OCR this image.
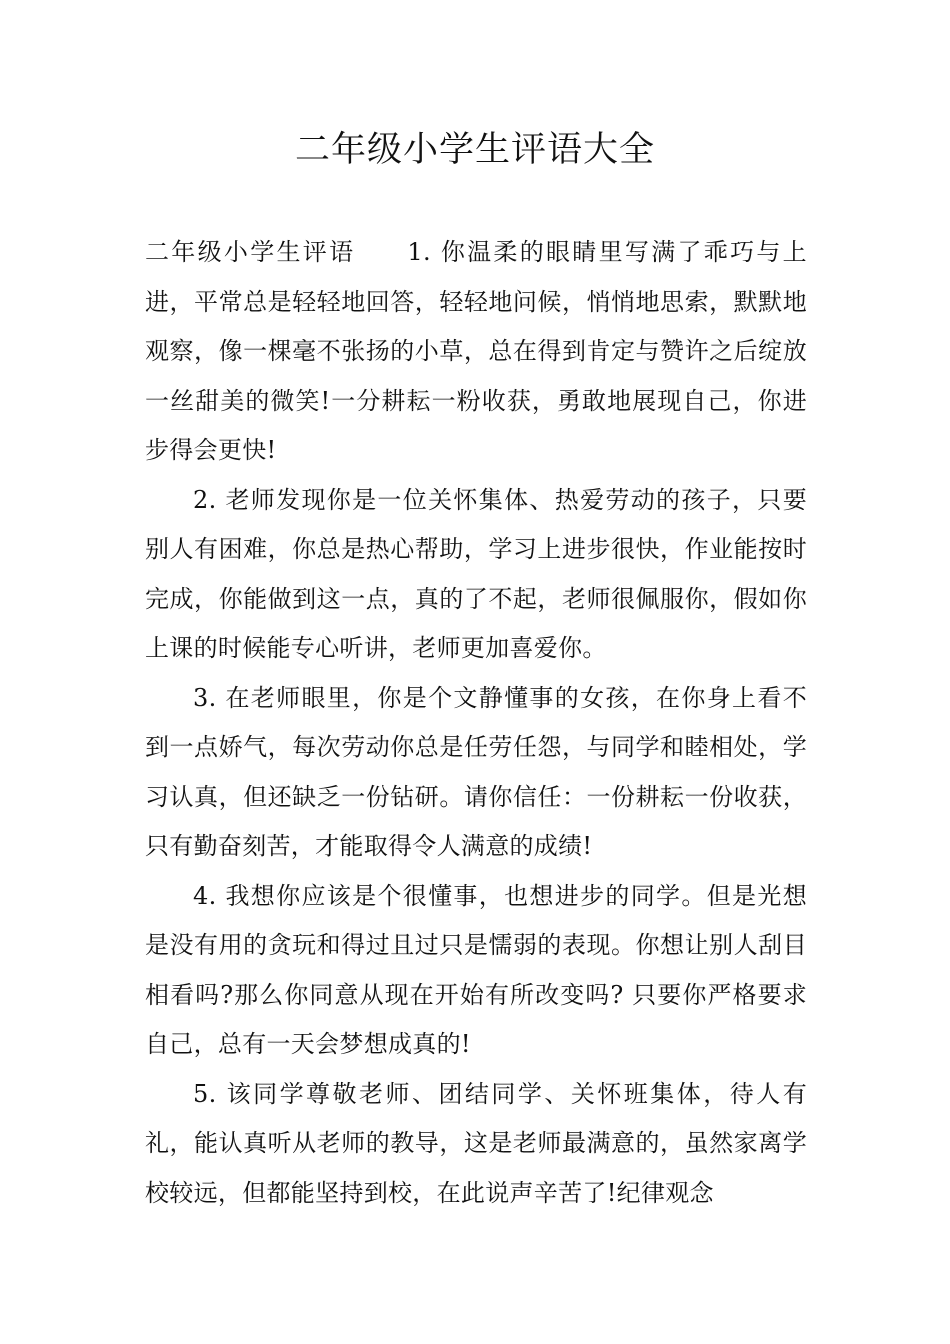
二年级小学生评语大全

二年级小学生评语 1. 你温柔的眼睛里写满了乖巧与上进，平常总是轻轻地回答，轻轻地问候，悄悄地思索，默默地观察，像一棵毫不张扬的小草，总在得到肯定与赞许之后绽放一丝甜美的微笑!一分耕耘一粉收获，勇敢地展现自己，你进步得会更快!

2. 老师发现你是一位关怀集体、热爱劳动的孩子，只要别人有困难，你总是热心帮助，学习上进步很快，作业能按时完成，你能做到这一点，真的了不起，老师很佩服你，假如你上课的时候能专心听讲，老师更加喜爱你。

3. 在老师眼里，你是个文静懂事的女孩，在你身上看不到一点娇气，每次劳动你总是任劳任怨，与同学和睦相处，学习认真，但还缺乏一份钻研。请你信任：一份耕耘一份收获，只有勤奋刻苦，才能取得令人满意的成绩!

4. 我想你应该是个很懂事，也想进步的同学。但是光想是没有用的贪玩和得过且过只是懦弱的表现。你想让别人刮目相看吗?那么你同意从现在开始有所改变吗? 只要你严格要求自己，总有一天会梦想成真的!

5. 该同学尊敬老师、团结同学、关怀班集体，待人有礼，能认真听从老师的教导，这是老师最满意的，虽然家离学校较远，但都能坚持到校，在此说声辛苦了!纪律观念
